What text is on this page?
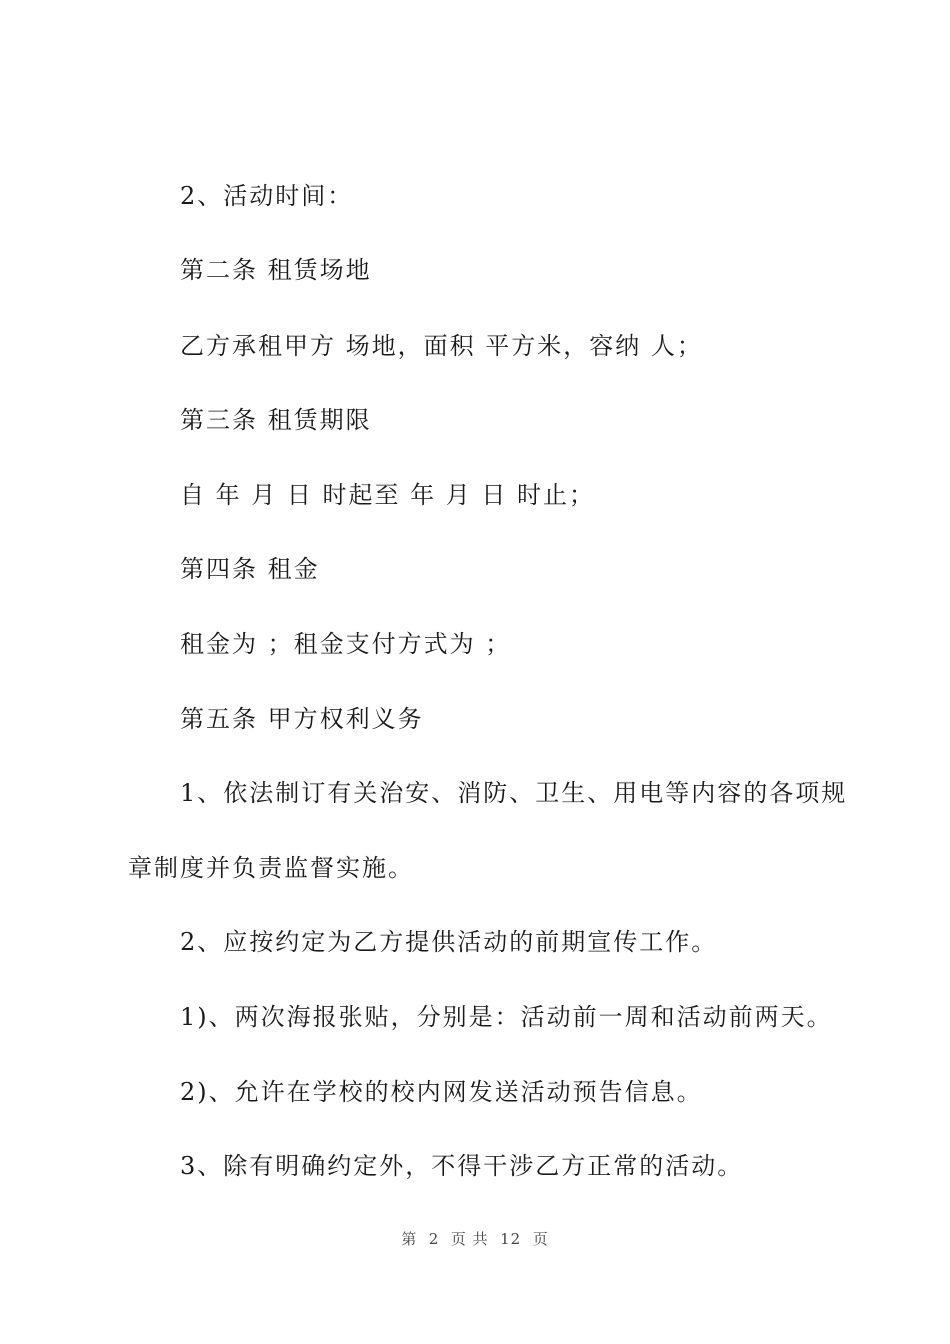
2、活动时间：
第二条 租赁场地
乙方承租甲方 场地，面积 平方米，容纳 人；
第三条 租赁期限
自 年 月 日 时起至 年 月 日 时止；
第四条 租金
租金为 ；租金支付方式为 ；
第五条 甲方权利义务
1、依法制订有关治安、消防、卫生、用电等内容的各项规
章制度并负责监督实施。
2、应按约定为乙方提供活动的前期宣传工作。
1)、两次海报张贴，分别是：活动前一周和活动前两天。
2)、允许在学校的校内网发送活动预告信息。
3、除有明确约定外，不得干涉乙方正常的活动。
第  2  页 共  12  页
